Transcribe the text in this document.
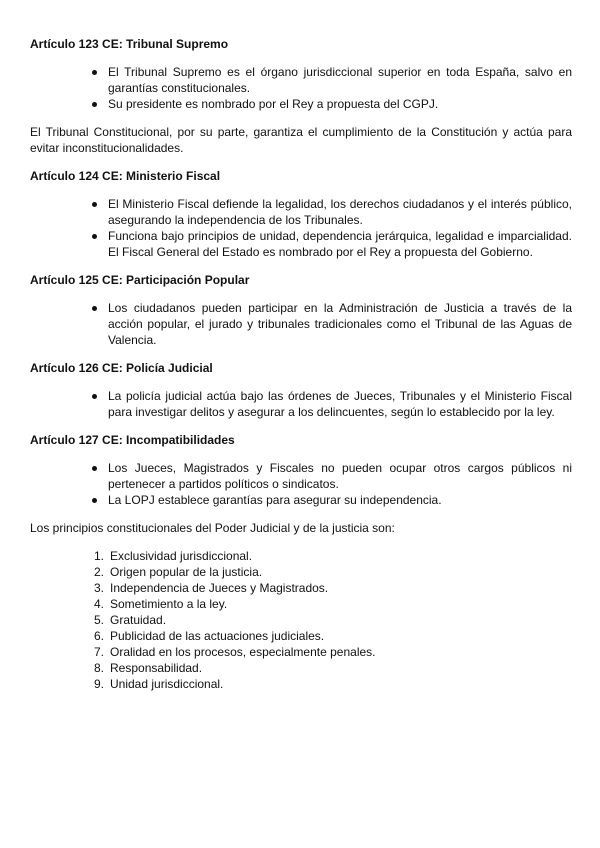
Artículo 123 CE: Tribunal Supremo
El Tribunal Supremo es el órgano jurisdiccional superior en toda España, salvo en garantías constitucionales.
Su presidente es nombrado por el Rey a propuesta del CGPJ.

El Tribunal Constitucional, por su parte, garantiza el cumplimiento de la Constitución y actúa para evitar inconstitucionalidades.

Artículo 124 CE: Ministerio Fiscal
El Ministerio Fiscal defiende la legalidad, los derechos ciudadanos y el interés público, asegurando la independencia de los Tribunales.
Funciona bajo principios de unidad, dependencia jerárquica, legalidad e imparcialidad. El Fiscal General del Estado es nombrado por el Rey a propuesta del Gobierno.
Artículo 125 CE: Participación Popular
Los ciudadanos pueden participar en la Administración de Justicia a través de la acción popular, el jurado y tribunales tradicionales como el Tribunal de las Aguas de Valencia.
Artículo 126 CE: Policía Judicial
La policía judicial actúa bajo las órdenes de Jueces, Tribunales y el Ministerio Fiscal para investigar delitos y asegurar a los delincuentes, según lo establecido por la ley.
Artículo 127 CE: Incompatibilidades
Los Jueces, Magistrados y Fiscales no pueden ocupar otros cargos públicos ni pertenecer a partidos políticos o sindicatos.
La LOPJ establece garantías para asegurar su independencia.

Los principios constitucionales del Poder Judicial y de la justicia son:

1. Exclusividad jurisdiccional.
2. Origen popular de la justicia.
3. Independencia de Jueces y Magistrados.
4. Sometimiento a la ley.
5. Gratuidad.
6. Publicidad de las actuaciones judiciales.
7. Oralidad en los procesos, especialmente penales.
8. Responsabilidad.
9. Unidad jurisdiccional.
